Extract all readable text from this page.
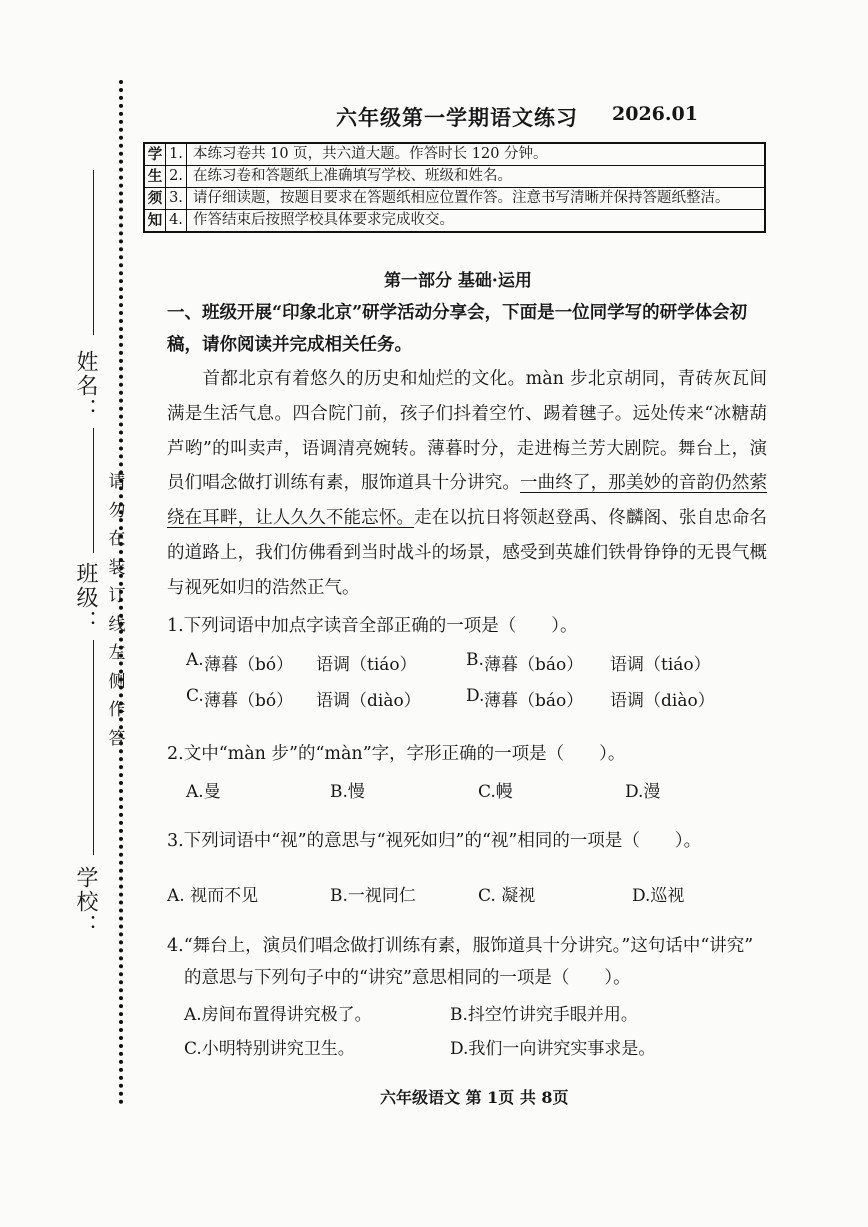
姓名：
班级：
学校：
请勿在装订线左侧作答
六年级第一学期语文练习 2026.01
学	1.	本练习卷共 10 页，共六道大题。作答时长 120 分钟。
生	2.	在练习卷和答题纸上准确填写学校、班级和姓名。
须	3.	请仔细读题，按题目要求在答题纸相应位置作答。注意书写清晰并保持答题纸整洁。
知	4.	作答结束后按照学校具体要求完成收交。
第一部分 基础·运用
一、班级开展“印象北京”研学活动分享会，下面是一位同学写的研学体会初稿，请你阅读并完成相关任务。
首都北京有着悠久的历史和灿烂的文化。màn 步北京胡同，青砖灰瓦间满是生活气息。四合院门前，孩子们抖着空竹、踢着毽子。远处传来“冰糖葫芦哟”的叫卖声，语调清亮婉转。薄暮时分，走进梅兰芳大剧院。舞台上，演员们唱念做打训练有素，服饰道具十分讲究。一曲终了，那美妙的音韵仍然萦绕在耳畔，让人久久不能忘怀。走在以抗日将领赵登禹、佟麟阁、张自忠命名的道路上，我们仿佛看到当时战斗的场景，感受到英雄们铁骨铮铮的无畏气概与视死如归的浩然正气。
1.下列词语中加点字读音全部正确的一项是（　　）。
A. 薄暮（bó） 语调（tiáo）	B. 薄暮（báo） 语调（tiáo）
C. 薄暮（bó） 语调（diào）	D. 薄暮（báo） 语调（diào）
2.文中“màn 步”的“màn”字，字形正确的一项是（　　）。
A.曼	B.慢	C.幔	D.漫
3.下列词语中“视”的意思与“视死如归”的“视”相同的一项是（　　）。
A. 视而不见	B.一视同仁	C. 凝视	D.巡视
4.“舞台上，演员们唱念做打训练有素，服饰道具十分讲究。”这句话中“讲究”
的意思与下列句子中的“讲究”意思相同的一项是（　　）。
A.房间布置得讲究极了。	B.抖空竹讲究手眼并用。
C.小明特别讲究卫生。	D.我们一向讲究实事求是。
六年级语文 第 1页 共 8页
